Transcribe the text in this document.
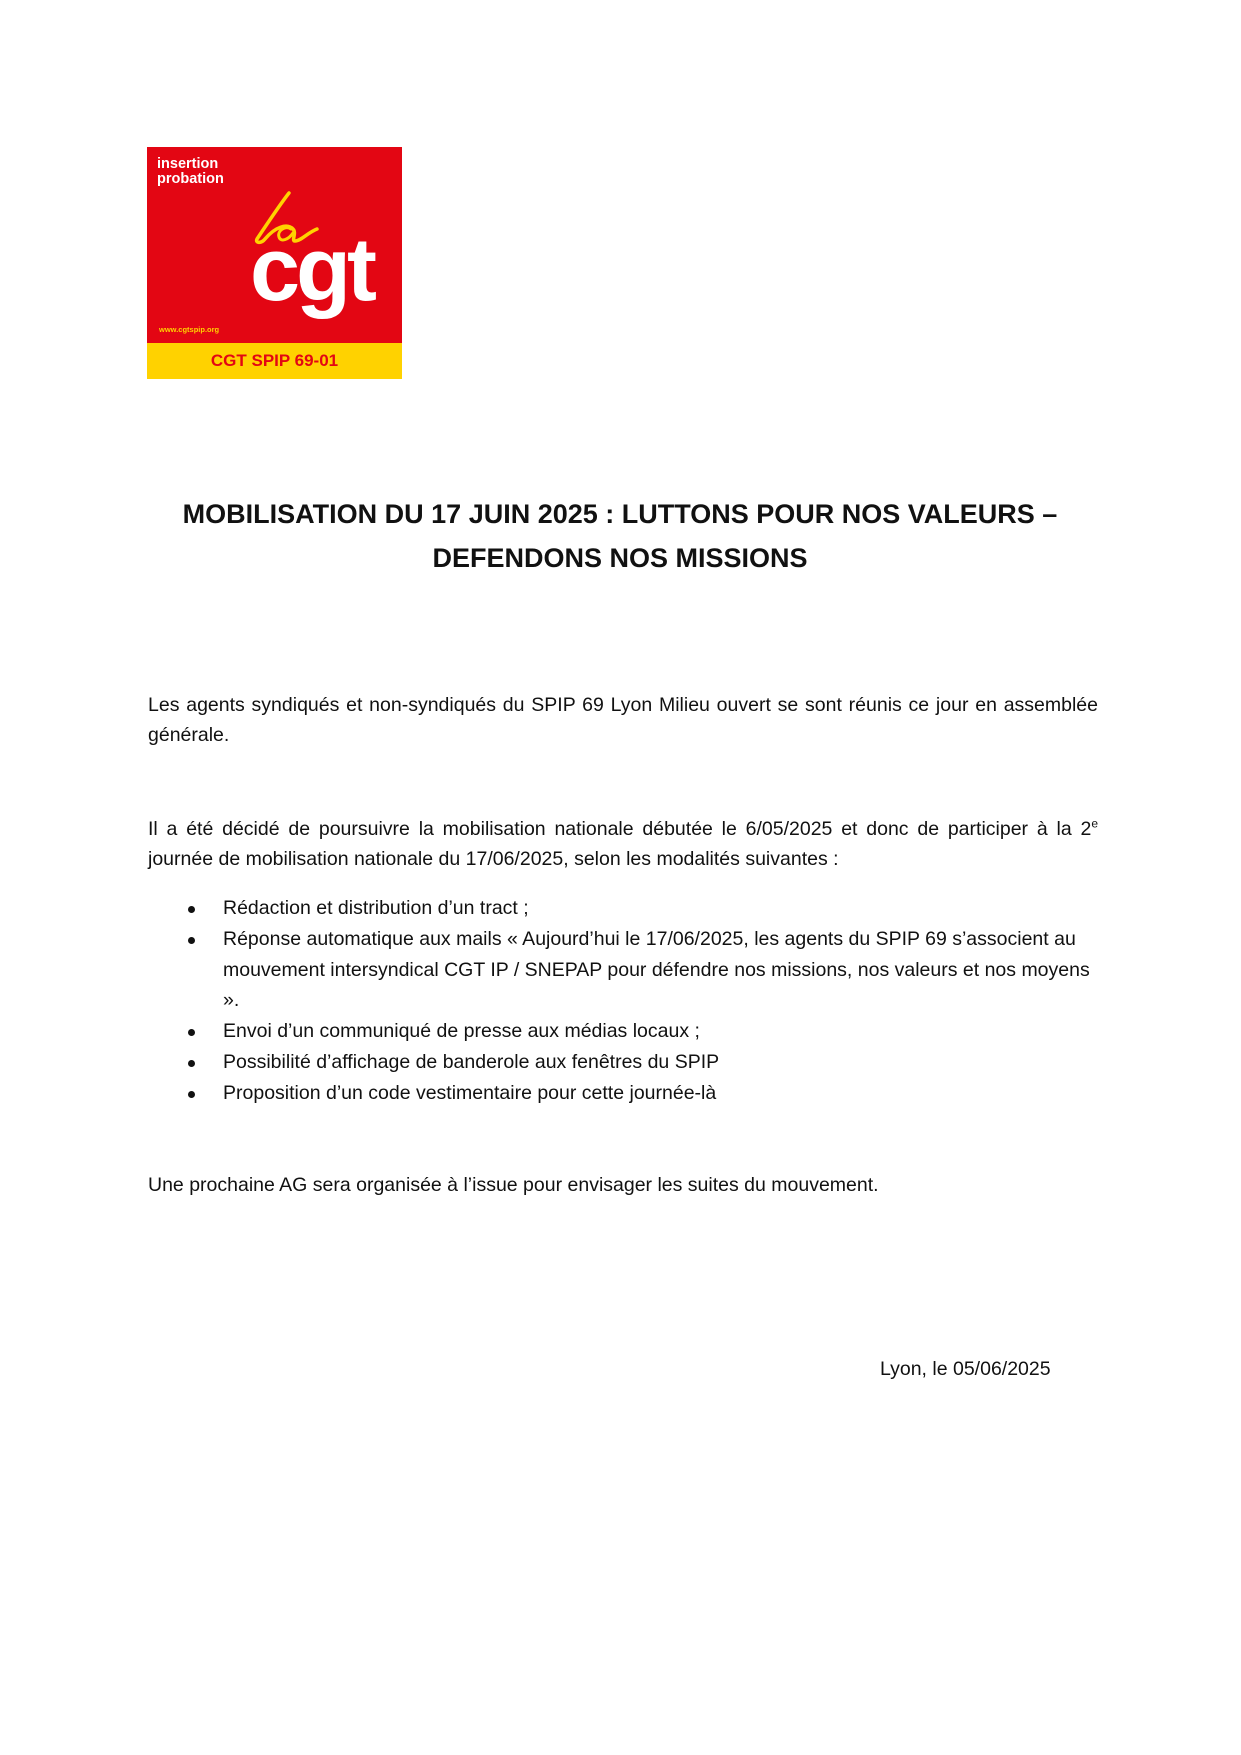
insertion
probation
cgt
www.cgtspip.org
CGT SPIP 69-01
MOBILISATION DU 17 JUIN 2025 : LUTTONS POUR NOS VALEURS –
DEFENDONS NOS MISSIONS

Les agents syndiqués et non-syndiqués du SPIP 69 Lyon Milieu ouvert se sont réunis ce jour en assemblée générale.

Il a été décidé de poursuivre la mobilisation nationale débutée le 6/05/2025 et donc de participer à la 2e journée de mobilisation nationale du 17/06/2025, selon les modalités suivantes :

Rédaction et distribution d’un tract ;
Réponse automatique aux mails « Aujourd’hui le 17/06/2025, les agents du SPIP 69 s’associent au mouvement intersyndical CGT IP / SNEPAP pour défendre nos missions, nos valeurs et nos moyens ».
Envoi d’un communiqué de presse aux médias locaux ;
Possibilité d’affichage de banderole aux fenêtres du SPIP
Proposition d’un code vestimentaire pour cette journée-là

Une prochaine AG sera organisée à l’issue pour envisager les suites du mouvement.

Lyon, le 05/06/2025
